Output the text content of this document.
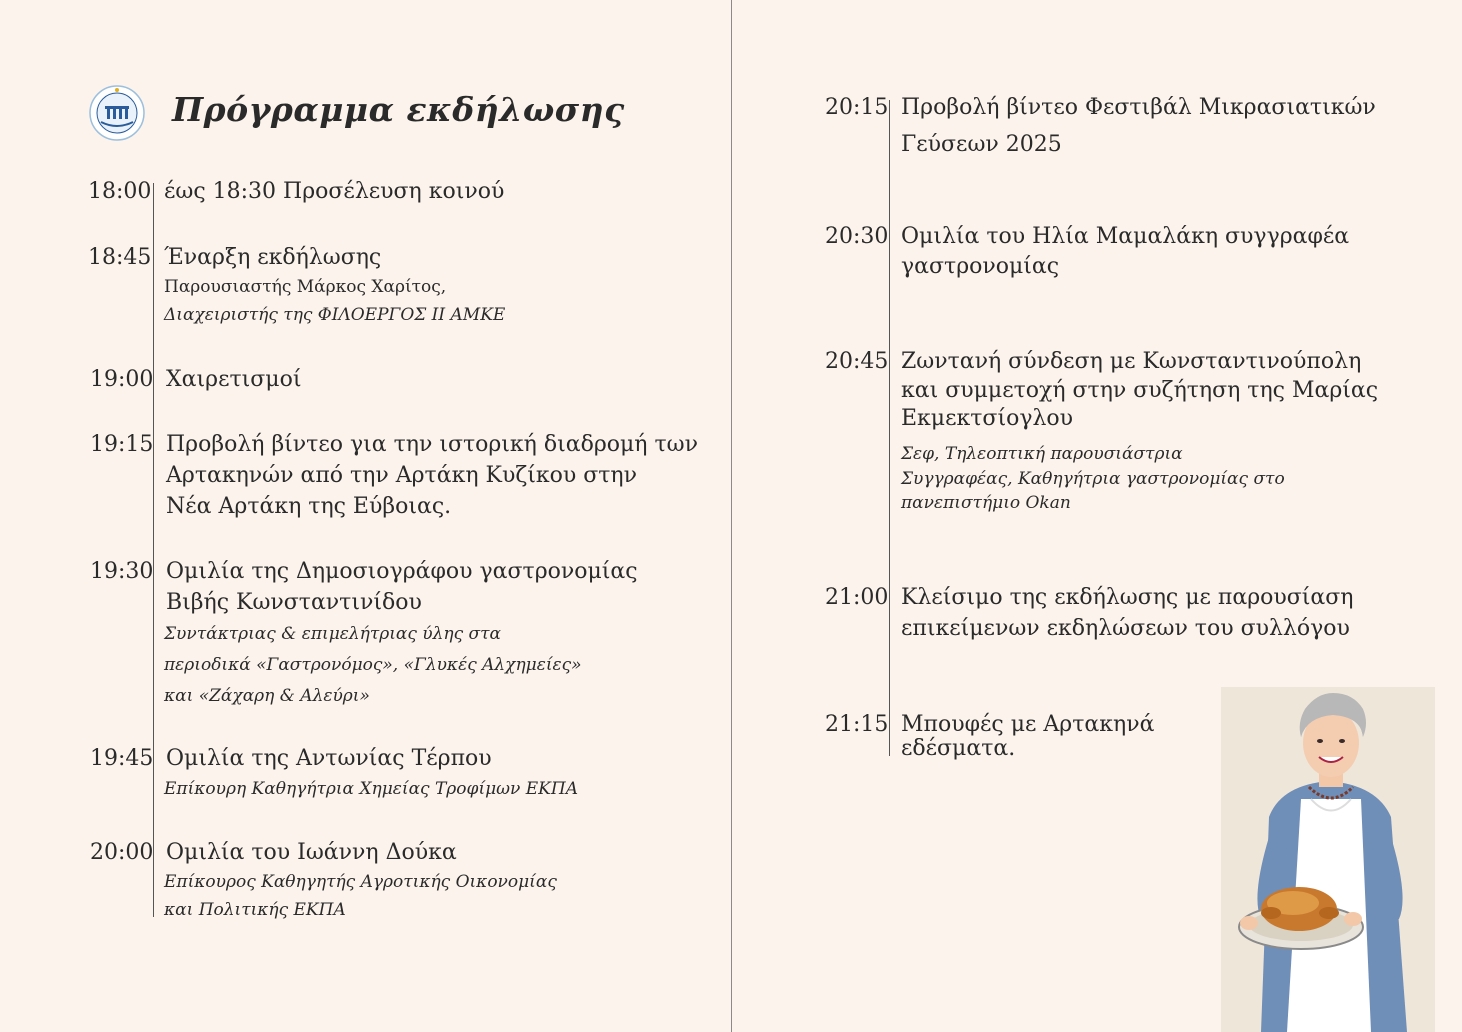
Πρόγραμμα εκδήλωσης
18:00 έως 18:30 Προσέλευση κοινού
18:45 Έναρξη εκδήλωσης
Παρουσιαστής Μάρκος Χαρίτος,
Διαχειριστής της ΦΙΛΟΕΡΓΟΣ ΙΙ ΑΜΚΕ
19:00 Χαιρετισμοί
19:15 Προβολή βίντεο για την ιστορική διαδρομή των
Αρτακηνών από την Αρτάκη Κυζίκου στην
Νέα Αρτάκη της Εύβοιας.
19:30 Ομιλία της Δημοσιογράφου γαστρονομίας
Βιβής Κωνσταντινίδου
Συντάκτριας & επιμελήτριας ύλης στα
περιοδικά «Γαστρονόμος», «Γλυκές Αλχημείες»
και «Ζάχαρη & Αλεύρι»
19:45 Ομιλία της Αντωνίας Τέρπου
Επίκουρη Καθηγήτρια Χημείας Τροφίμων ΕΚΠΑ
20:00 Ομιλία του Ιωάννη Δούκα
Επίκουρος Καθηγητής Αγροτικής Οικονομίας
και Πολιτικής ΕΚΠΑ
20:15 Προβολή βίντεο Φεστιβάλ Μικρασιατικών
Γεύσεων 2025
20:30 Ομιλία του Ηλία Μαμαλάκη συγγραφέα
γαστρονομίας
20:45 Ζωντανή σύνδεση με Κωνσταντινούπολη
και συμμετοχή στην συζήτηση της Μαρίας
Εκμεκτσίογλου
Σεφ, Τηλεοπτική παρουσιάστρια
Συγγραφέας, Καθηγήτρια γαστρονομίας στο
πανεπιστήμιο Okan
21:00 Κλείσιμο της εκδήλωσης με παρουσίαση
επικείμενων εκδηλώσεων του συλλόγου
21:15 Μπουφές με Αρτακηνά
εδέσματα.
